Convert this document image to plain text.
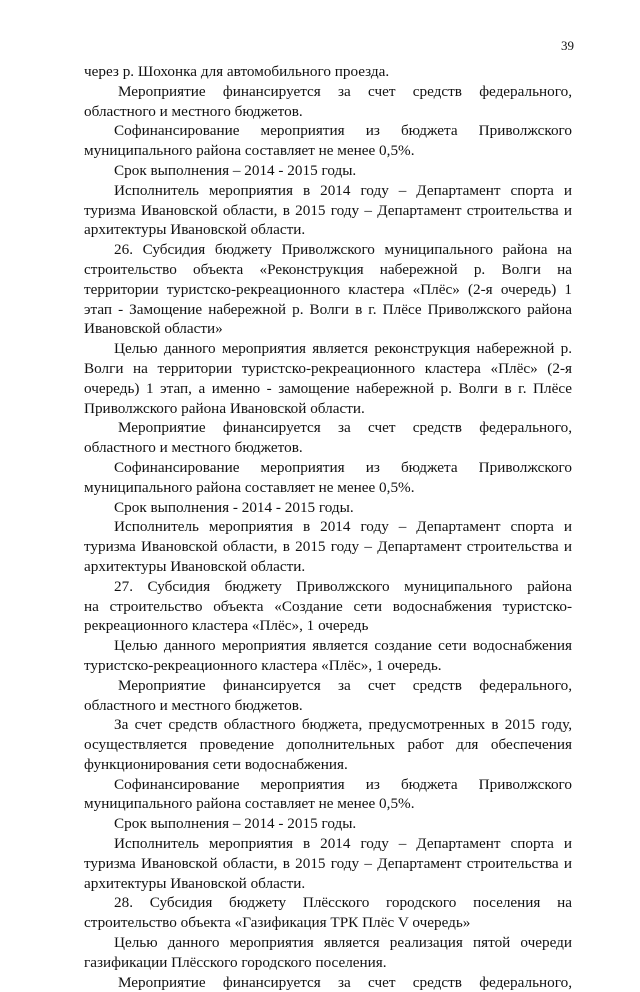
39
через р. Шохонка для автомобильного проезда.
Мероприятие финансируется за счет средств федерального,
областного и местного бюджетов.
Софинансирование мероприятия из бюджета Приволжского
муниципального района составляет не менее 0,5%.
Срок выполнения – 2014 - 2015 годы.
Исполнитель мероприятия в 2014 году – Департамент спорта и
туризма Ивановской области, в 2015 году – Департамент строительства и
архитектуры Ивановской области.
26. Субсидия бюджету Приволжского муниципального района на
строительство объекта «Реконструкция набережной р. Волги на
территории туристско-рекреационного кластера «Плёс» (2-я очередь) 1
этап - Замощение набережной р. Волги в г. Плёсе Приволжского района
Ивановской области»
Целью данного мероприятия является реконструкция набережной р.
Волги на территории туристско-рекреационного кластера «Плёс» (2-я
очередь) 1 этап, а именно - замощение набережной р. Волги в г. Плёсе
Приволжского района Ивановской области.
Мероприятие финансируется за счет средств федерального,
областного и местного бюджетов.
Софинансирование мероприятия из бюджета Приволжского
муниципального района составляет не менее 0,5%.
Срок выполнения - 2014 - 2015 годы.
Исполнитель мероприятия в 2014 году – Департамент спорта и
туризма Ивановской области, в 2015 году – Департамент строительства и
архитектуры Ивановской области.
27. Субсидия бюджету Приволжского муниципального района
на строительство объекта «Создание сети водоснабжения туристско-
рекреационного кластера «Плёс», 1 очередь
Целью данного мероприятия является создание сети водоснабжения
туристско-рекреационного кластера «Плёс», 1 очередь.
Мероприятие финансируется за счет средств федерального,
областного и местного бюджетов.
За счет средств областного бюджета, предусмотренных в 2015 году,
осуществляется проведение дополнительных работ для обеспечения
функционирования сети водоснабжения.
Софинансирование мероприятия из бюджета Приволжского
муниципального района составляет не менее 0,5%.
Срок выполнения – 2014 - 2015 годы.
Исполнитель мероприятия в 2014 году – Департамент спорта и
туризма Ивановской области, в 2015 году – Департамент строительства и
архитектуры Ивановской области.
28. Субсидия бюджету Плёсского городского поселения на
строительство объекта «Газификация ТРК Плёс V очередь»
Целью данного мероприятия является реализация пятой очереди
газификации Плёсского городского поселения.
Мероприятие финансируется за счет средств федерального,
